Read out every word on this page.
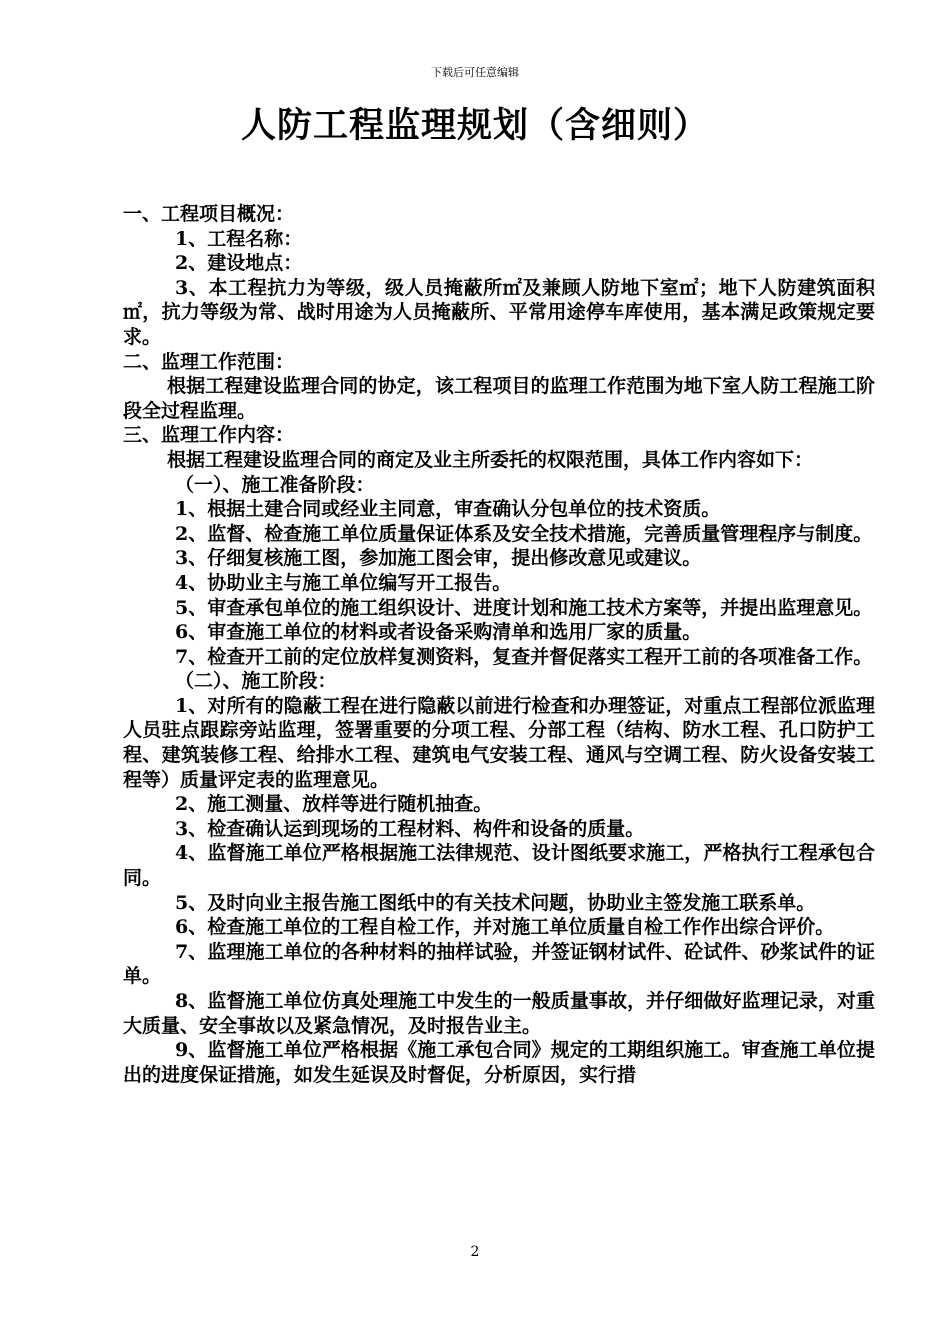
下载后可任意编辑
人防工程监理规划（含细则）

一、工程项目概况：

1、工程名称：

2、建设地点：

3、本工程抗力为等级，级人员掩蔽所㎡及兼顾人防地下室㎡；地下人防建筑面积㎡，抗力等级为常、战时用途为人员掩蔽所、平常用途停车库使用，基本满足政策规定要求。

二、监理工作范围：

根据工程建设监理合同的协定，该工程项目的监理工作范围为地下室人防工程施工阶段全过程监理。

三、监理工作内容：

根据工程建设监理合同的商定及业主所委托的权限范围，具体工作内容如下：

（一）、施工准备阶段：

1、根据土建合同或经业主同意，审查确认分包单位的技术资质。

2、监督、检查施工单位质量保证体系及安全技术措施，完善质量管理程序与制度。

3、仔细复核施工图，参加施工图会审，提出修改意见或建议。

4、协助业主与施工单位编写开工报告。

5、审查承包单位的施工组织设计、进度计划和施工技术方案等，并提出监理意见。

6、审查施工单位的材料或者设备采购清单和选用厂家的质量。

7、检查开工前的定位放样复测资料，复查并督促落实工程开工前的各项准备工作。

（二）、施工阶段：

1、对所有的隐蔽工程在进行隐蔽以前进行检查和办理签证，对重点工程部位派监理人员驻点跟踪旁站监理，签署重要的分项工程、分部工程（结构、防水工程、孔口防护工程、建筑装修工程、给排水工程、建筑电气安装工程、通风与空调工程、防火设备安装工程等）质量评定表的监理意见。

2、施工测量、放样等进行随机抽查。

3、检查确认运到现场的工程材料、构件和设备的质量。

4、监督施工单位严格根据施工法律规范、设计图纸要求施工，严格执行工程承包合同。

5、及时向业主报告施工图纸中的有关技术问题，协助业主签发施工联系单。

6、检查施工单位的工程自检工作，并对施工单位质量自检工作作出综合评价。

7、监理施工单位的各种材料的抽样试验，并签证钢材试件、砼试件、砂浆试件的证单。

8、监督施工单位仿真处理施工中发生的一般质量事故，并仔细做好监理记录，对重大质量、安全事故以及紧急情况，及时报告业主。

9、监督施工单位严格根据《施工承包合同》规定的工期组织施工。审查施工单位提出的进度保证措施，如发生延误及时督促，分析原因，实行措

2
